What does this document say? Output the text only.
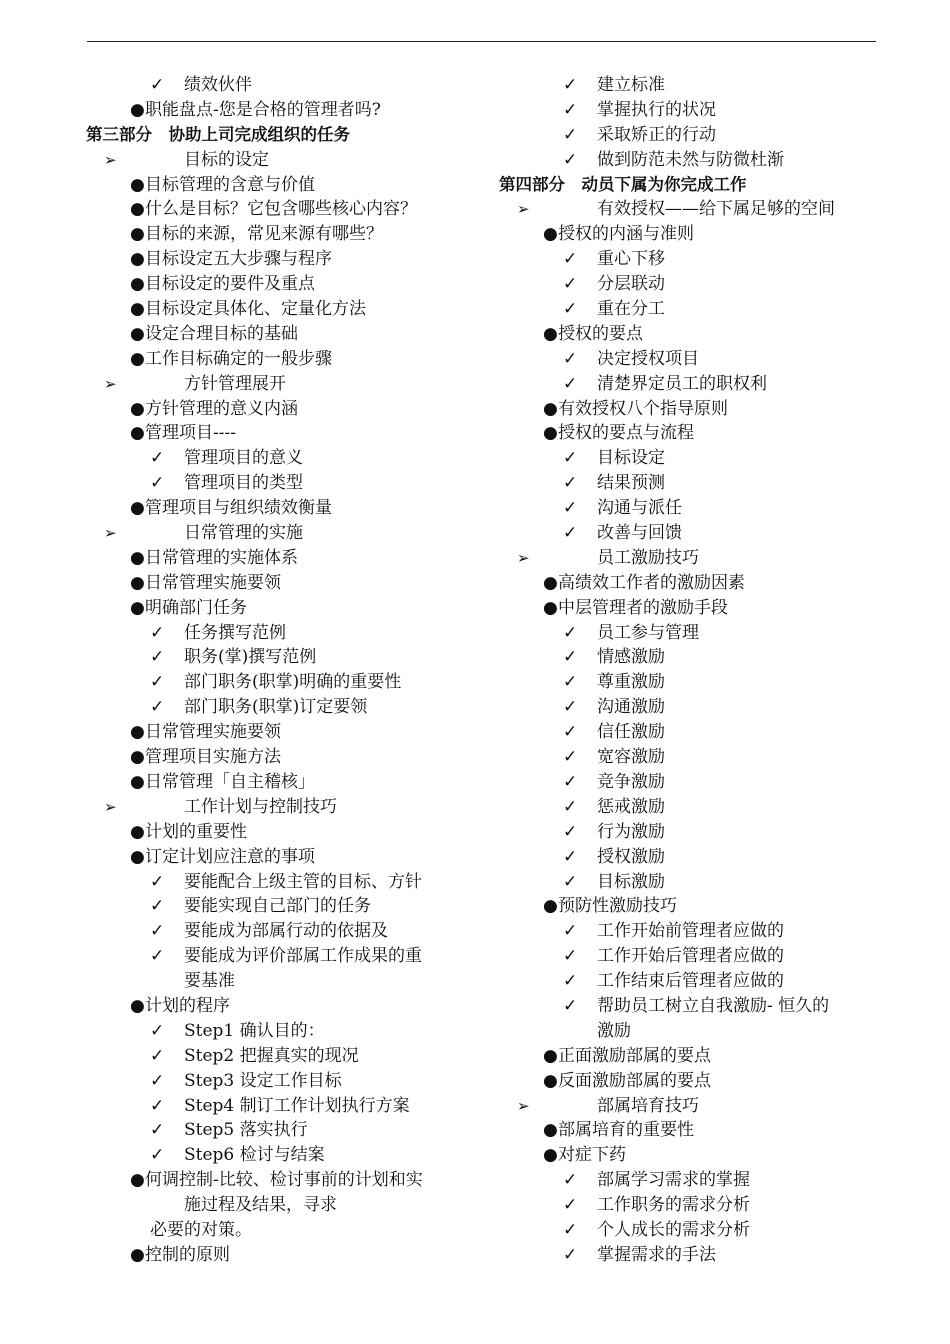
✓ 绩效伙伴
● 职能盘点-您是合格的管理者吗?
第三部分　协助上司完成组织的任务
➢	目标的设定
● 目标管理的含意与价值
● 什么是目标？它包含哪些核心内容？
● 目标的来源，常见来源有哪些？
● 目标设定五大步骤与程序
● 目标设定的要件及重点
● 目标设定具体化、定量化方法
● 设定合理目标的基础
● 工作目标确定的一般步骤
➢	方针管理展开
● 方针管理的意义内涵
● 管理项目----
✓ 管理项目的意义
✓ 管理项目的类型
● 管理项目与组织绩效衡量
➢	日常管理的实施
● 日常管理的实施体系
● 日常管理实施要领
● 明确部门任务
✓ 任务撰写范例
✓ 职务(掌)撰写范例
✓ 部门职务(职掌)明确的重要性
✓ 部门职务(职掌)订定要领
● 日常管理实施要领
● 管理项目实施方法
● 日常管理「自主稽核」
➢	工作计划与控制技巧
● 计划的重要性
● 订定计划应注意的事项
✓ 要能配合上级主管的目标、方针
✓ 要能实现自己部门的任务
✓ 要能成为部属行动的依据及
✓ 要能成为评价部属工作成果的重
要基准
● 计划的程序
✓ Step1 确认目的：
✓ Step2 把握真实的现况
✓ Step3 设定工作目标
✓ Step4 制订工作计划执行方案
✓ Step5 落实执行
✓ Step6 检讨与结案
● 何调控制-比较、检讨事前的计划和实
施过程及结果，寻求
必要的对策。
● 控制的原则
✓ 建立标准
✓ 掌握执行的状况
✓ 采取矫正的行动
✓ 做到防范未然与防微杜渐
第四部分　动员下属为你完成工作
➢	有效授权——给下属足够的空间
● 授权的内涵与准则
✓ 重心下移
✓ 分层联动
✓ 重在分工
● 授权的要点
✓ 决定授权项目
✓ 清楚界定员工的职权利
● 有效授权八个指导原则
● 授权的要点与流程
✓ 目标设定
✓ 结果预测
✓ 沟通与派任
✓ 改善与回馈
➢	员工激励技巧
● 高绩效工作者的激励因素
● 中层管理者的激励手段
✓ 员工参与管理
✓ 情感激励
✓ 尊重激励
✓ 沟通激励
✓ 信任激励
✓ 宽容激励
✓ 竞争激励
✓ 惩戒激励
✓ 行为激励
✓ 授权激励
✓ 目标激励
● 预防性激励技巧
✓ 工作开始前管理者应做的
✓ 工作开始后管理者应做的
✓ 工作结束后管理者应做的
✓ 帮助员工树立自我激励- 恒久的
激励
● 正面激励部属的要点
● 反面激励部属的要点
➢	部属培育技巧
● 部属培育的重要性
● 对症下药
✓ 部属学习需求的掌握
✓ 工作职务的需求分析
✓ 个人成长的需求分析
✓ 掌握需求的手法
